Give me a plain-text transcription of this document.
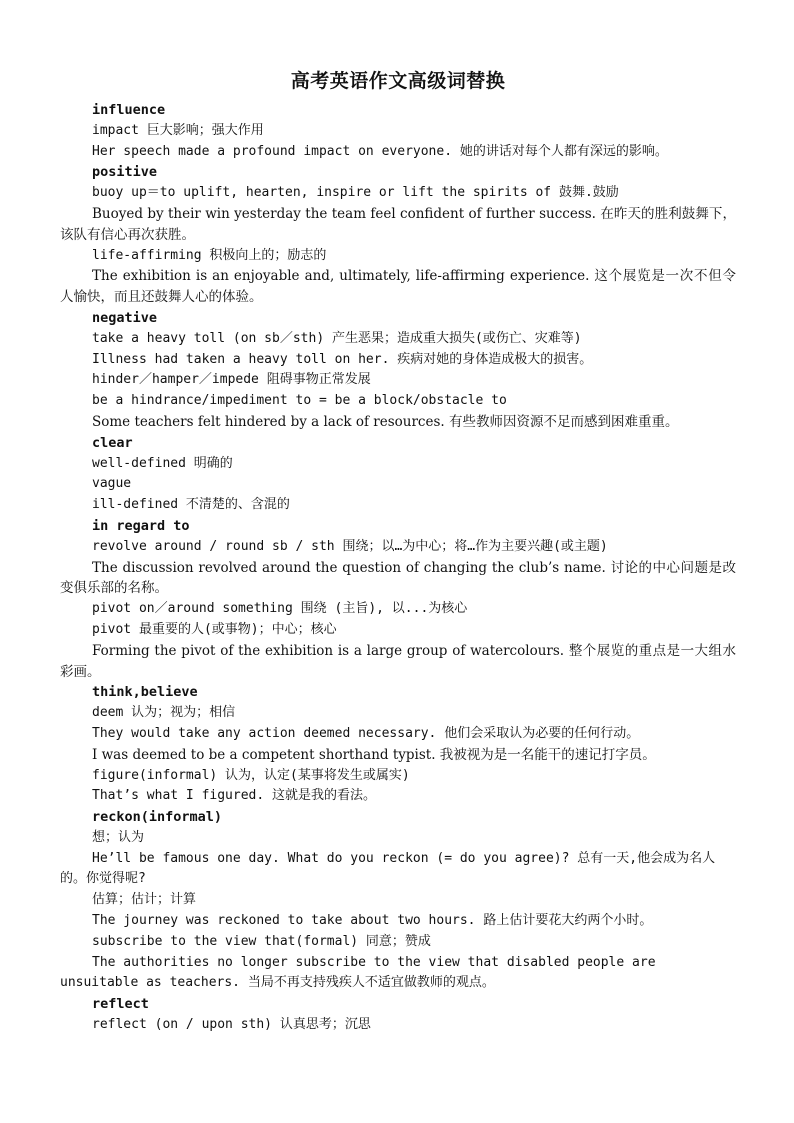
高考英语作文高级词替换

influence

impact 巨大影响；强大作用

Her speech made a profound impact on everyone. 她的讲话对每个人都有深远的影响。

positive

buoy up＝to uplift, hearten, inspire or lift the spirits of 鼓舞.鼓励

Buoyed by their win yesterday the team feel confident of further success. 在昨天的胜利鼓舞下，该队有信心再次获胜。

life-affirming 积极向上的；励志的

The exhibition is an enjoyable and, ultimately, life-affirming experience. 这个展览是一次不但令人愉快，而且还鼓舞人心的体验。

negative

take a heavy toll (on sb／sth) 产生恶果；造成重大损失(或伤亡、灾难等)

Illness had taken a heavy toll on her. 疾病对她的身体造成极大的损害。

hinder／hamper／impede 阻碍事物正常发展

be a hindrance/impediment to = be a block/obstacle to

Some teachers felt hindered by a lack of resources. 有些教师因资源不足而感到困难重重。

clear

well-defined 明确的

vague

ill-defined 不清楚的、含混的

in regard to

revolve around / round sb / sth 围绕；以…为中心；将…作为主要兴趣(或主题)

The discussion revolved around the question of changing the club’s name. 讨论的中心问题是改变俱乐部的名称。

pivot on／around something 围绕 (主旨), 以...为核心

pivot 最重要的人(或事物)；中心；核心

Forming the pivot of the exhibition is a large group of watercolours. 整个展览的重点是一大组水彩画。

think,believe

deem 认为；视为；相信

They would take any action deemed necessary. 他们会采取认为必要的任何行动。

I was deemed to be a competent shorthand typist. 我被视为是一名能干的速记打字员。

figure(informal) 认为，认定(某事将发生或属实)

That’s what I figured. 这就是我的看法。

reckon(informal)

想；认为

He’ll be famous one day. What do you reckon (= do you agree)? 总有一天,他会成为名人的。你觉得呢?

估算；估计；计算

The journey was reckoned to take about two hours. 路上估计要花大约两个小时。

subscribe to the view that(formal) 同意；赞成

The authorities no longer subscribe to the view that disabled people are unsuitable as teachers. 当局不再支持残疾人不适宜做教师的观点。

reflect

reflect (on / upon sth) 认真思考；沉思
